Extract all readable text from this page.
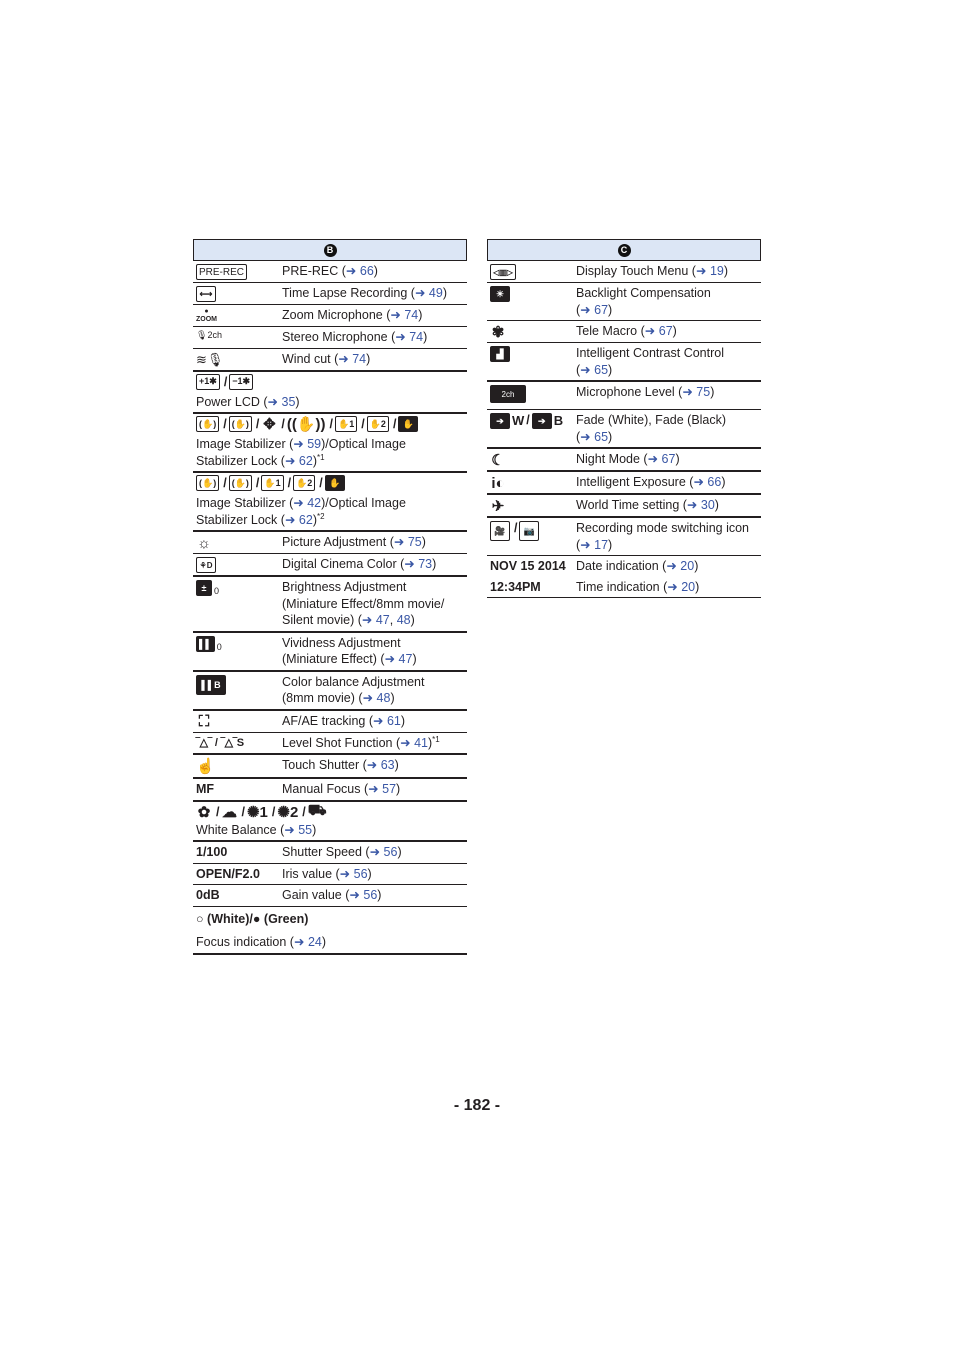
B
PRE-REC	PRE-REC (➜ 66)
⟷	Time Lapse Recording (➜ 49)
●
ZOOM	Zoom Microphone (➜ 74)
🎙2ch	Stereo Microphone (➜ 74)
≋🎙	Wind cut (➜ 74)
+1✱ / −1✱
Power LCD (➜ 35)
(✋) / (✋) / ✥ / ((✋)) / ✋1 / ✋2 / ✋
Image Stabilizer (➜ 59)/Optical Image
Stabilizer Lock (➜ 62)$^{*1}$
(✋) / (✋) / ✋1 / ✋2 / ✋
Image Stabilizer (➜ 42)/Optical Image
Stabilizer Lock (➜ 62)$^{*2}$
☼	Picture Adjustment (➜ 75)
⚘D	Digital Cinema Color (➜ 73)
± 0	Brightness Adjustment
(Miniature Effect/8mm movie/
Silent movie) (➜ 47, 48)
▌▌ 0	Vividness Adjustment
(Miniature Effect) (➜ 47)
▌▌ B	Color balance Adjustment
(8mm movie) (➜ 48)
⛶	AF/AE tracking (➜ 61)
‾△‾ / ‾△‾S	Level Shot Function (➜ 41)$^{*1}$
☝	Touch Shutter (➜ 63)
MF	Manual Focus (➜ 57)
✿ / ☁ / ✺1 / ✺2 / ⛟
White Balance (➜ 55)
1/100	Shutter Speed (➜ 56)
OPEN/F2.0	Iris value (➜ 56)
0dB	Gain value (➜ 56)
○ (White)/● (Green)
Focus indication (➜ 24)
C
◁▥▷	Display Touch Menu (➜ 19)
☀	Backlight Compensation
(➜ 67)
✾	Tele Macro (➜ 67)
▟	Intelligent Contrast Control
(➜ 65)
2ch	Microphone Level (➜ 75)
➔ W / ➔ B Fade (White), Fade (Black)
(➜ 65)
☾	Night Mode (➜ 67)
i◐	Intelligent Exposure (➜ 66)
✈	World Time setting (➜ 30)
🎥 / 📷	Recording mode switching icon
(➜ 17)
NOV 15 2014 Date indication (➜ 20)
12:34PM	Time indication (➜ 20)
- 182 -
